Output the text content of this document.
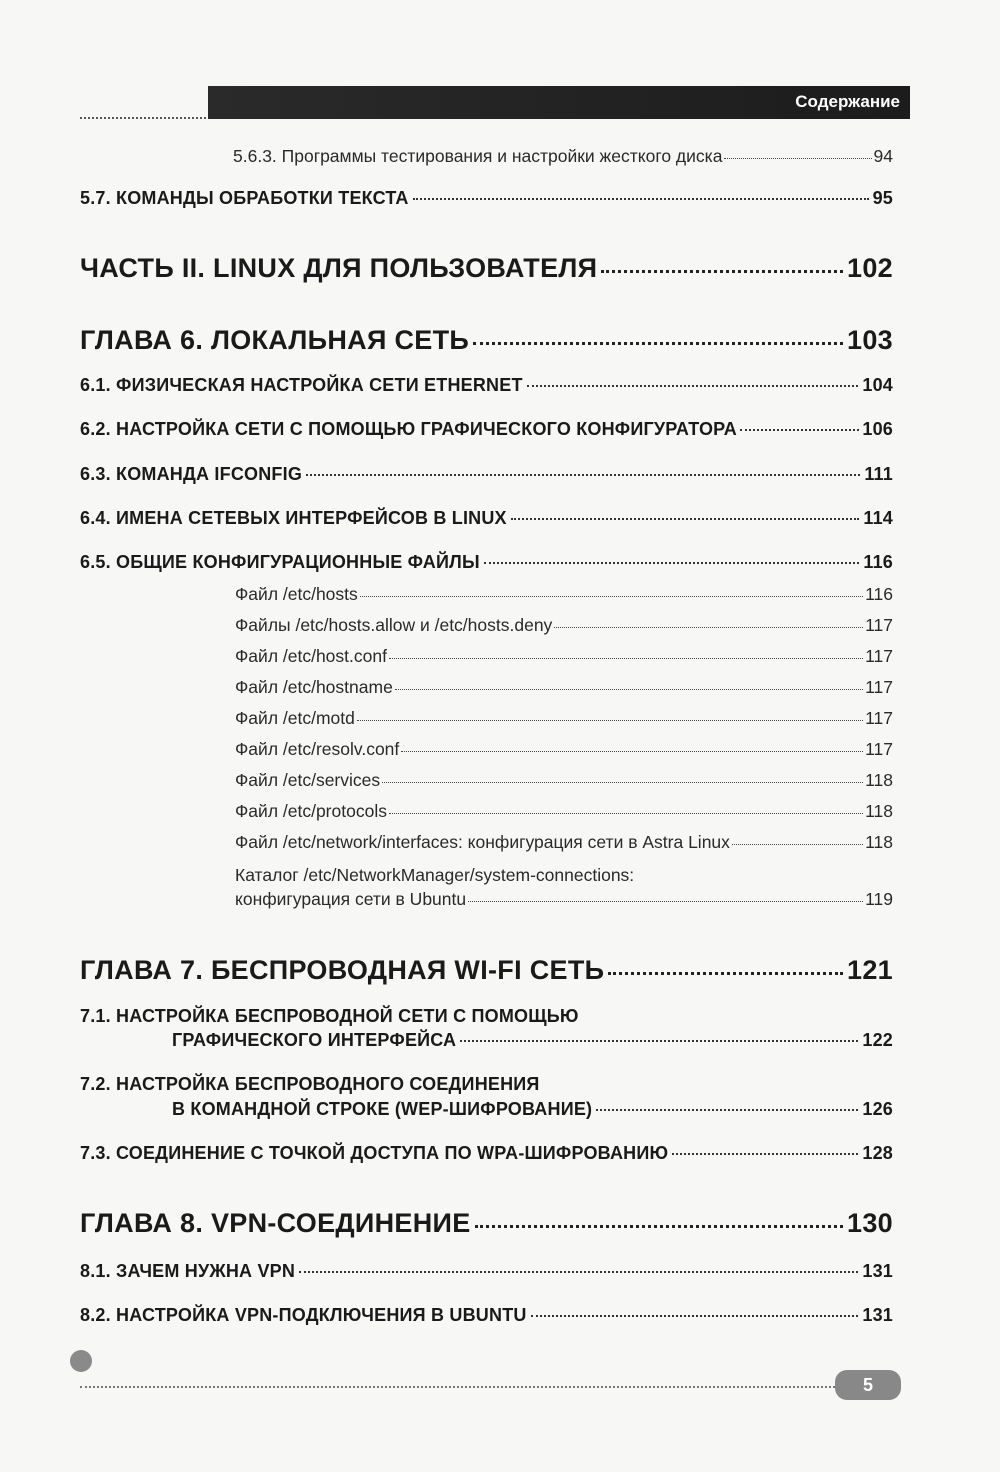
Содержание
5.6.3. Программы тестирования и настройки жесткого диска	94
5.7. КОМАНДЫ ОБРАБОТКИ ТЕКСТА	95
ЧАСТЬ II. LINUX ДЛЯ ПОЛЬЗОВАТЕЛЯ	102
ГЛАВА 6. ЛОКАЛЬНАЯ СЕТЬ	103
6.1. ФИЗИЧЕСКАЯ НАСТРОЙКА СЕТИ ETHERNET	104
6.2. НАСТРОЙКА СЕТИ С ПОМОЩЬЮ ГРАФИЧЕСКОГО КОНФИГУРАТОРА	106
6.3. КОМАНДА IFCONFIG	111
6.4. ИМЕНА СЕТЕВЫХ ИНТЕРФЕЙСОВ В LINUX	114
6.5. ОБЩИЕ КОНФИГУРАЦИОННЫЕ ФАЙЛЫ	116
Файл /etc/hosts	116
Файлы /etc/hosts.allow и /etc/hosts.deny	117
Файл /etc/host.conf	117
Файл /etc/hostname	117
Файл /etc/motd	117
Файл /etc/resolv.conf	117
Файл /etc/services	118
Файл /etc/protocols	118
Файл /etc/network/interfaces: конфигурация сети в Astra Linux	118
Каталог /etc/NetworkManager/system-connections:
конфигурация сети в Ubuntu	119
ГЛАВА 7. БЕСПРОВОДНАЯ WI-FI СЕТЬ	121
7.1. НАСТРОЙКА БЕСПРОВОДНОЙ СЕТИ С ПОМОЩЬЮ
ГРАФИЧЕСКОГО ИНТЕРФЕЙСА	122
7.2. НАСТРОЙКА БЕСПРОВОДНОГО СОЕДИНЕНИЯ
В КОМАНДНОЙ СТРОКЕ (WEP-ШИФРОВАНИЕ)	126
7.3. СОЕДИНЕНИЕ С ТОЧКОЙ ДОСТУПА ПО WPA-ШИФРОВАНИЮ	128
ГЛАВА 8. VPN-СОЕДИНЕНИЕ	130
8.1. ЗАЧЕМ НУЖНА VPN	131
8.2. НАСТРОЙКА VPN-ПОДКЛЮЧЕНИЯ В UBUNTU	131
5
